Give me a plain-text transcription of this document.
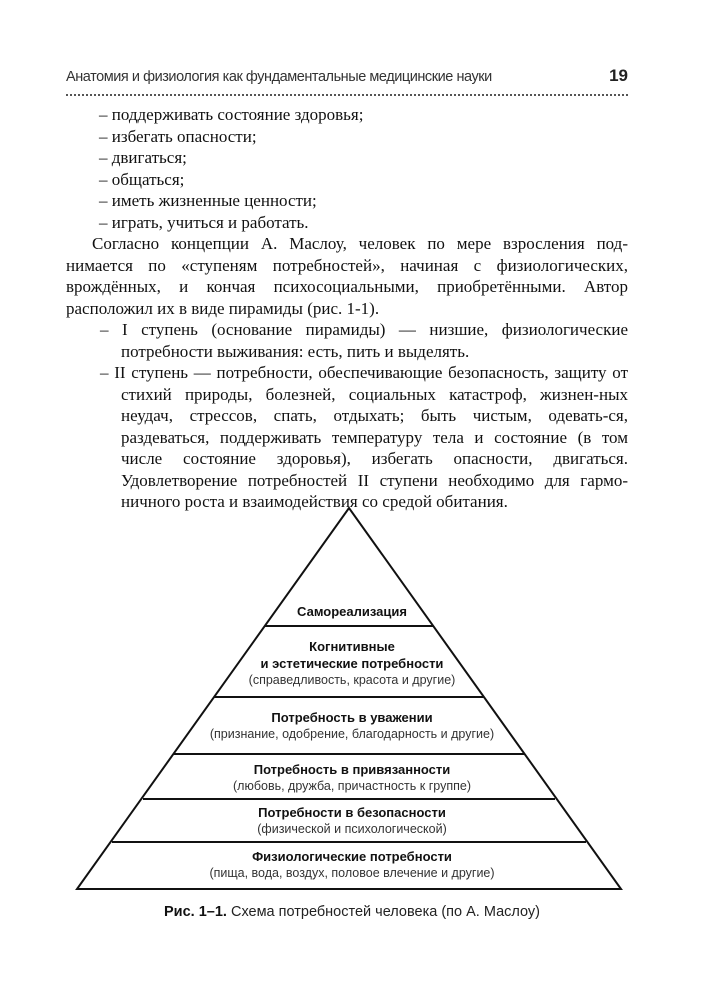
Анатомия и физиология как фундаментальные медицинские науки	19

– поддерживать состояние здоровья;

– избегать опасности;

– двигаться;

– общаться;

– иметь жизненные ценности;

– играть, учиться и работать.

Согласно концепции А. Маслоу, человек по мере взросления под-нимается по «ступеням потребностей», начиная с физиологических, врождённых, и кончая психосоциальными, приобретёнными. Автор расположил их в виде пирамиды (рис. 1-1).

– I ступень (основание пирамиды) — низшие, физиологические потребности выживания: есть, пить и выделять.

– II ступень — потребности, обеспечивающие безопасность, защиту от стихий природы, болезней, социальных катастроф, жизнен-ных неудач, стрессов, спать, отдыхать; быть чистым, одевать-ся, раздеваться, поддерживать температуру тела и состояние (в том числе состояние здоровья), избегать опасности, двигаться. Удовлетворение потребностей II ступени необходимо для гармо-ничного роста и взаимодействия со средой обитания.

Самореализация
Когнитивные
и эстетические потребности
(справедливость, красота и другие)
Потребность в уважении
(признание, одобрение, благодарность и другие)
Потребность в привязанности
(любовь, дружба, причастность к группе)
Потребности в безопасности
(физической и психологической)
Физиологические потребности
(пища, вода, воздух, половое влечение и другие)
Рис. 1–1. Схема потребностей человека (по А. Маслоу)
